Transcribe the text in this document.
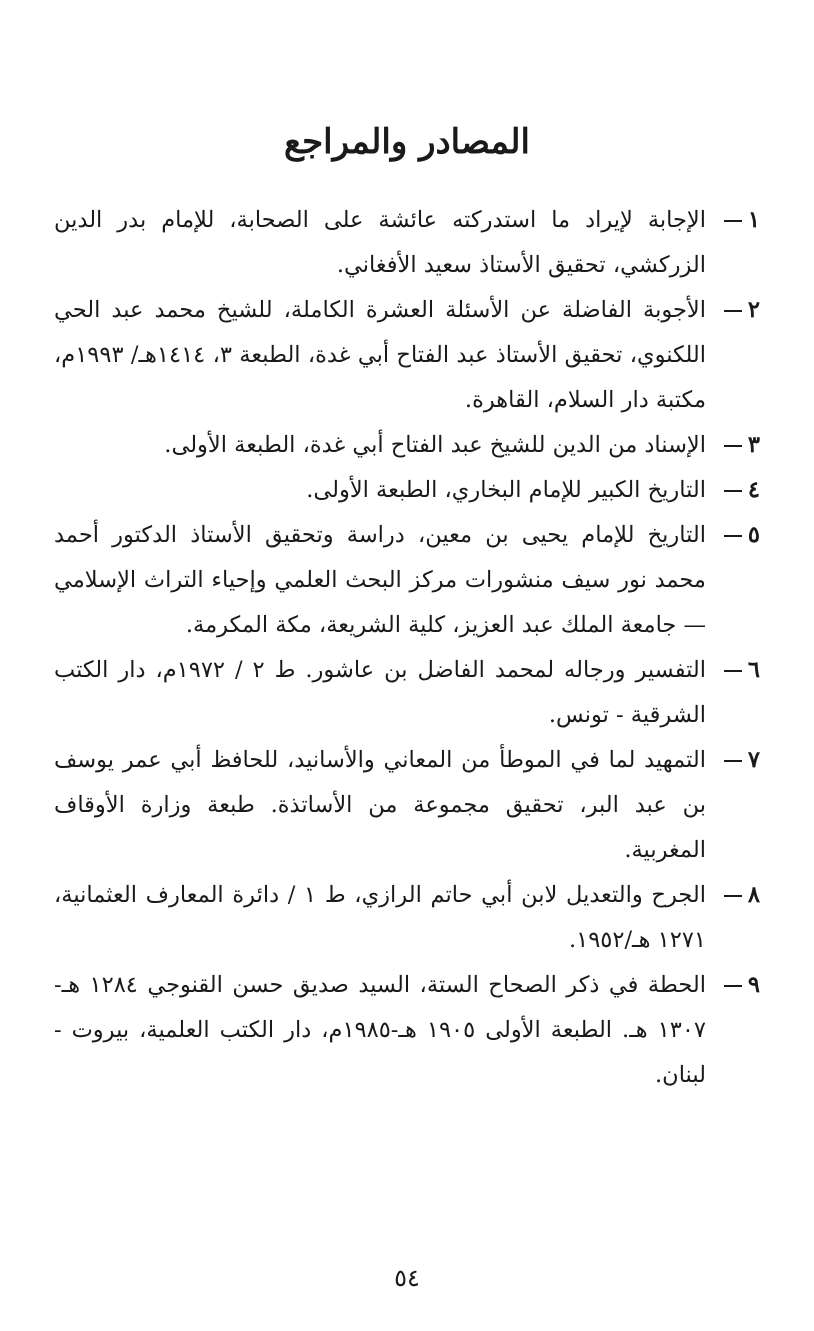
المصادر والمراجع
١
الإجابة لإيراد ما استدركته عائشة على الصحابة، للإمام بدر الدين الزركشي، تحقيق الأستاذ سعيد الأفغاني.
٢
الأجوبة الفاضلة عن الأسئلة العشرة الكاملة، للشيخ محمد عبد الحي اللكنوي، تحقيق الأستاذ عبد الفتاح أبي غدة، الطبعة ٣، ١٤١٤هـ/ ١٩٩٣م، مكتبة دار السلام، القاهرة.
٣
الإسناد من الدين للشيخ عبد الفتاح أبي غدة، الطبعة الأولى.
٤
التاريخ الكبير للإمام البخاري، الطبعة الأولى.
٥
التاريخ للإمام يحيى بن معين، دراسة وتحقيق الأستاذ الدكتور أحمد محمد نور سيف منشورات مركز البحث العلمي وإحياء التراث الإسلامي — جامعة الملك عبد العزيز، كلية الشريعة، مكة المكرمة.
٦
التفسير ورجاله لمحمد الفاضل بن عاشور. ط ٢ / ١٩٧٢م، دار الكتب الشرقية - تونس.
٧
التمهيد لما في الموطأ من المعاني والأسانيد، للحافظ أبي عمر يوسف بن عبد البر، تحقيق مجموعة من الأساتذة. طبعة وزارة الأوقاف المغربية.
٨
الجرح والتعديل لابن أبي حاتم الرازي، ط ١ / دائرة المعارف العثمانية، ١٢٧١ هـ/١٩٥٢.
٩
الحطة في ذكر الصحاح الستة، السيد صديق حسن القنوجي ١٢٨٤ هـ- ١٣٠٧ هـ. الطبعة الأولى ١٩٠٥ هـ-١٩٨٥م، دار الكتب العلمية، بيروت - لبنان.
٥٤
